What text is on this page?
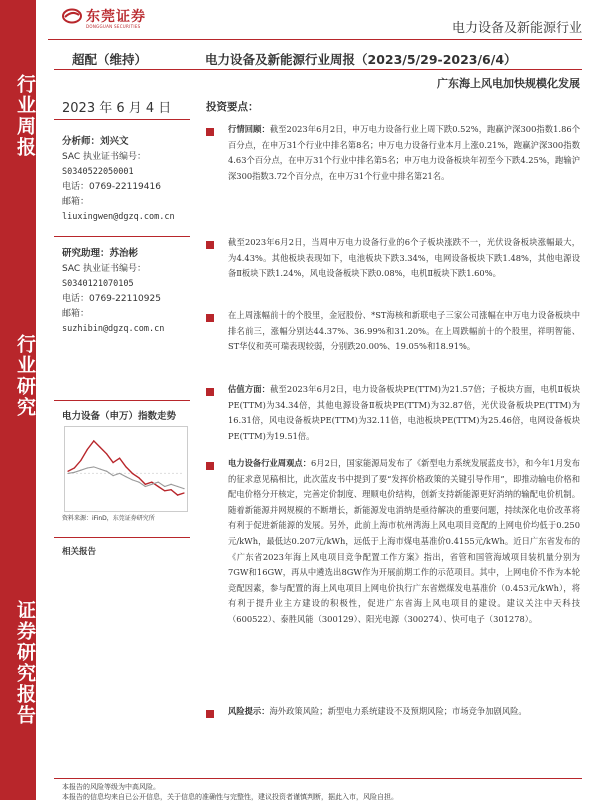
行业周报
行业研究
证券研究报告
东莞证券
DONGGUAN SECURITIES	电力设备及新能源行业
超配（维持）	电力设备及新能源行业周报（2023/5/29-2023/6/4）
广东海上风电加快规模化发展
2023 年 6 月 4 日
分析师：刘兴文
SAC 执业证书编号：
S0340522050001
电话：0769-22119416
邮箱：
liuxingwen@dgzq.com.cn
研究助理：苏治彬
SAC 执业证书编号：
S0340121070105
电话：0769-22110925
邮箱：
suzhibin@dgzq.com.cn
电力设备（申万）指数走势
资料来源：iFinD，东莞证券研究所
相关报告
投资要点：
行情回顾：截至2023年6月2日，申万电力设备行业上周下跌0.52%，跑赢沪深300指数1.86个百分点，在申万31个行业中排名第8名；申万电力设备行业本月上涨0.21%，跑赢沪深300指数4.63个百分点，在申万31个行业中排名第5名；申万电力设备板块年初至今下跌4.25%，跑输沪深300指数3.72个百分点，在申万31个行业中排名第21名。
截至2023年6月2日，当周申万电力设备行业的6个子板块涨跌不一，光伏设备板块涨幅最大，为4.43%。其他板块表现如下，电池板块下跌3.34%，电网设备板块下跌1.48%，其他电源设备Ⅱ板块下跌1.24%，风电设备板块下跌0.08%，电机Ⅱ板块下跌1.60%。
在上周涨幅前十的个股里，金冠股份、*ST海核和新联电子三家公司涨幅在申万电力设备板块中排名前三，涨幅分别达44.37%、36.99%和31.20%。在上周跌幅前十的个股里，祥明智能、ST华仪和英可瑞表现较弱，分别跌20.00%、19.05%和18.91%。
估值方面：截至2023年6月2日，电力设备板块PE(TTM)为21.57倍；子板块方面，电机Ⅱ板块PE(TTM)为34.34倍，其他电源设备Ⅱ板块PE(TTM)为32.87倍，光伏设备板块PE(TTM)为16.31倍，风电设备板块PE(TTM)为32.11倍，电池板块PE(TTM)为25.46倍，电网设备板块PE(TTM)为19.51倍。
电力设备行业周观点：6月2日，国家能源局发布了《新型电力系统发展蓝皮书》，和今年1月发布的征求意见稿相比，此次蓝皮书中提到了要“发挥价格政策的关键引导作用”，即推动输电价格和配电价格分开核定，完善定价制度、理顺电价结构，创新支持新能源更好消纳的输配电价机制。随着新能源并网规模的不断增长，新能源发电消纳是亟待解决的重要问题，持续深化电价改革将有利于促进新能源的发展。另外，此前上海市杭州湾海上风电项目竞配的上网电价均低于0.250元/kWh，最低达0.207元/kWh，远低于上海市煤电基准价0.4155元/kWh。近日广东省发布的《广东省2023年海上风电项目竞争配置工作方案》指出，省管和国管海域项目装机量分别为7GW和16GW，再从中遴选出8GW作为开展前期工作的示范项目。其中，上网电价不作为本轮竞配因素，参与配置的海上风电项目上网电价执行广东省燃煤发电基准价（0.453元/kWh），将有利于提升业主方建设的积极性，促进广东省海上风电项目的建设。建议关注中天科技（600522）、泰胜风能（300129）、阳光电源（300274）、快可电子（301278）。
风险提示：海外政策风险；新型电力系统建设不及预期风险；市场竞争加剧风险。
本报告的风险等级为中高风险。
本报告的信息均来自已公开信息，关于信息的准确性与完整性，建议投资者谨慎判断，据此入市，风险自担。
